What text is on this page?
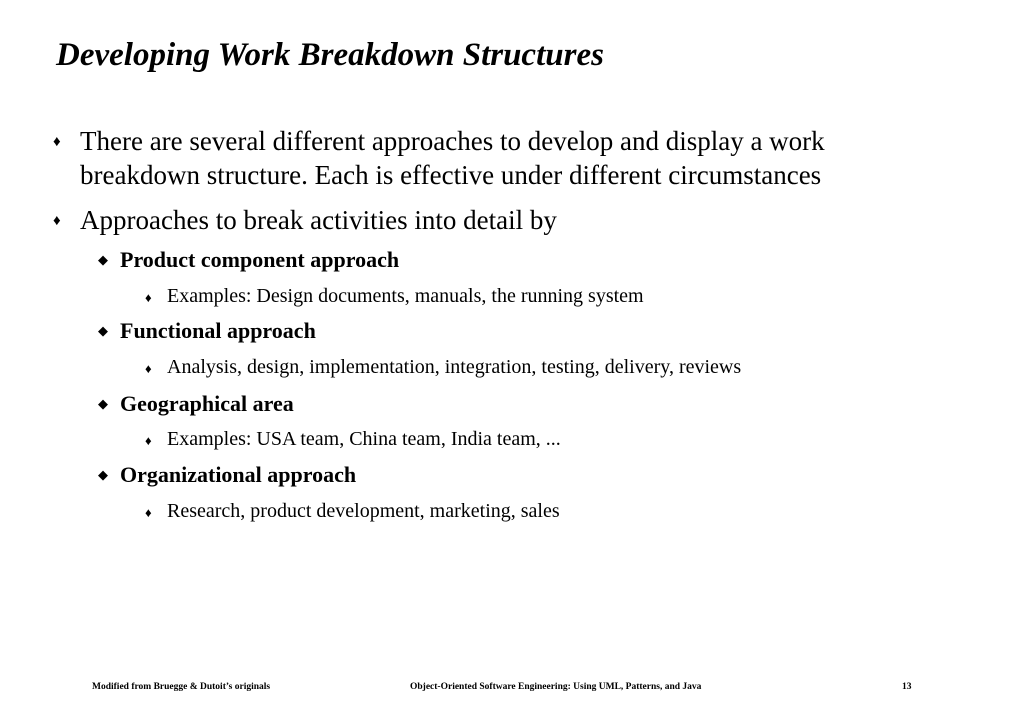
Developing Work Breakdown Structures
♦ There are several different approaches to develop and display a work
breakdown structure. Each is effective under different circumstances
♦ Approaches to break activities into detail by
◆ Product component approach
♦ Examples: Design documents, manuals, the running system
◆ Functional approach
♦ Analysis, design, implementation, integration, testing, delivery, reviews
◆ Geographical area
♦ Examples: USA team, China team, India team, ...
◆ Organizational approach
♦ Research, product development, marketing, sales
Modified from Bruegge & Dutoit’s originals	Object-Oriented Software Engineering: Using UML, Patterns, and Java	13
